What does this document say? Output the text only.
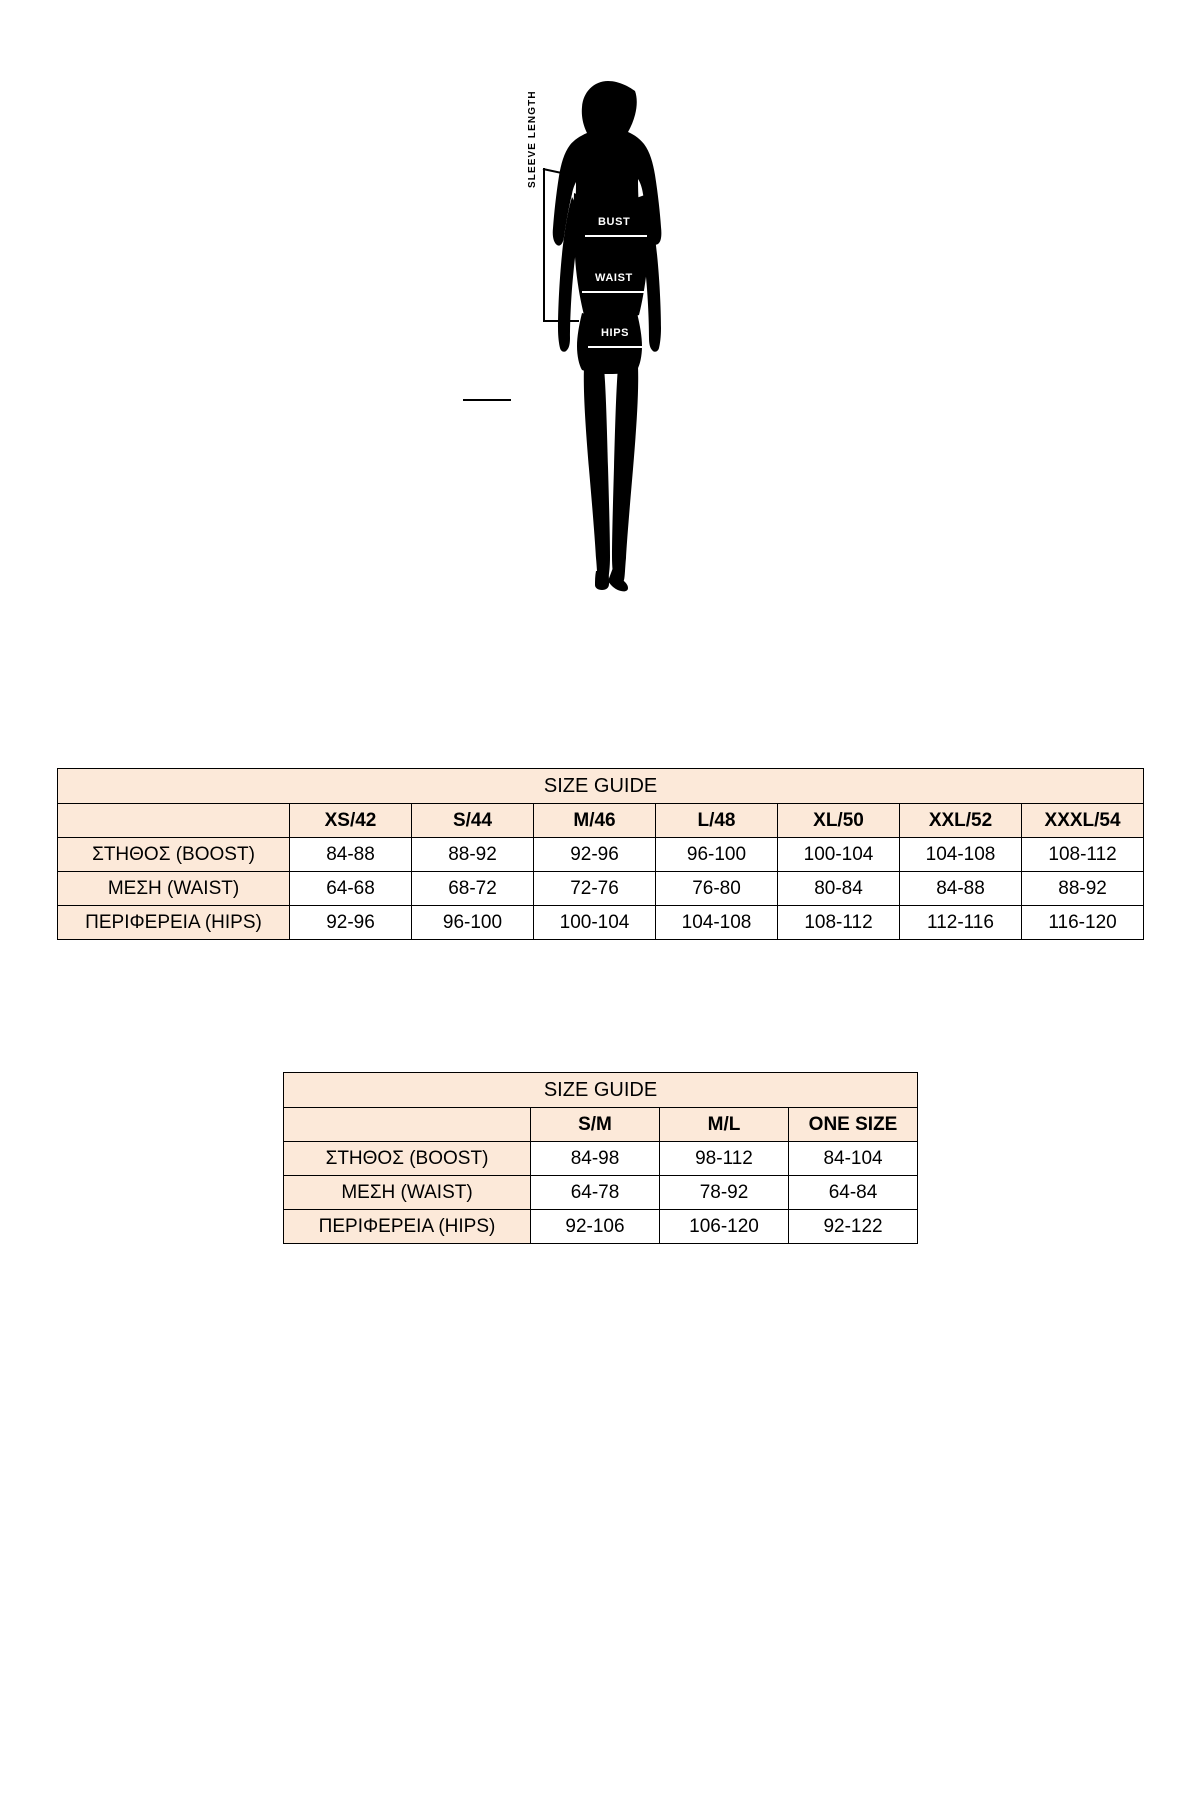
BUST
WAIST
HIPS
SLEEVE LENGTH
SIZE GUIDE							
	XS/42	S/44	M/46	L/48	XL/50	XXL/52	XXXL/54
ΣΤΗΘΟΣ (BOOST)	84-88	88-92	92-96	96-100	100-104	104-108	108-112
ΜΕΣΗ (WAIST)	64-68	68-72	72-76	76-80	80-84	84-88	88-92
ΠΕΡΙΦΕΡΕΙΑ (HIPS)	92-96	96-100	100-104	104-108	108-112	112-116	116-120
SIZE GUIDE			
	S/M	M/L	ONE SIZE
ΣΤΗΘΟΣ (BOOST)	84-98	98-112	84-104
ΜΕΣΗ (WAIST)	64-78	78-92	64-84
ΠΕΡΙΦΕΡΕΙΑ (HIPS)	92-106	106-120	92-122
